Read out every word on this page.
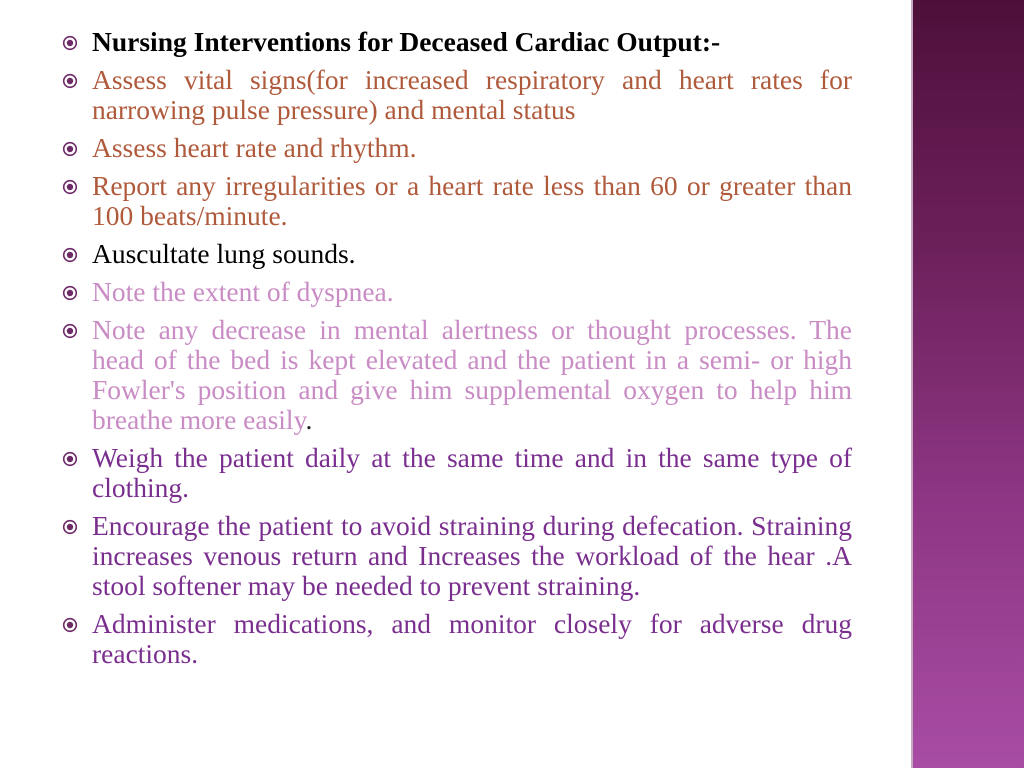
Nursing Interventions for Deceased Cardiac Output:-
Assess vital signs(for increased respiratory and heart rates for narrowing pulse pressure) and mental status
Assess heart rate and rhythm.
Report any irregularities or a heart rate less than 60 or greater than 100 beats/minute.
Auscultate lung sounds.
Note the extent of dyspnea.
Note any decrease in mental alertness or thought processes. The head of the bed is kept elevated and the patient in a semi- or high Fowler's position and give him supplemental oxygen to help him breathe more easily.
Weigh the patient daily at the same time and in the same type of clothing.
Encourage the patient to avoid straining during defecation. Straining increases venous return and Increases the workload of the hear .A stool softener may be needed to prevent straining.
Administer medications, and monitor closely for adverse drug reactions.
